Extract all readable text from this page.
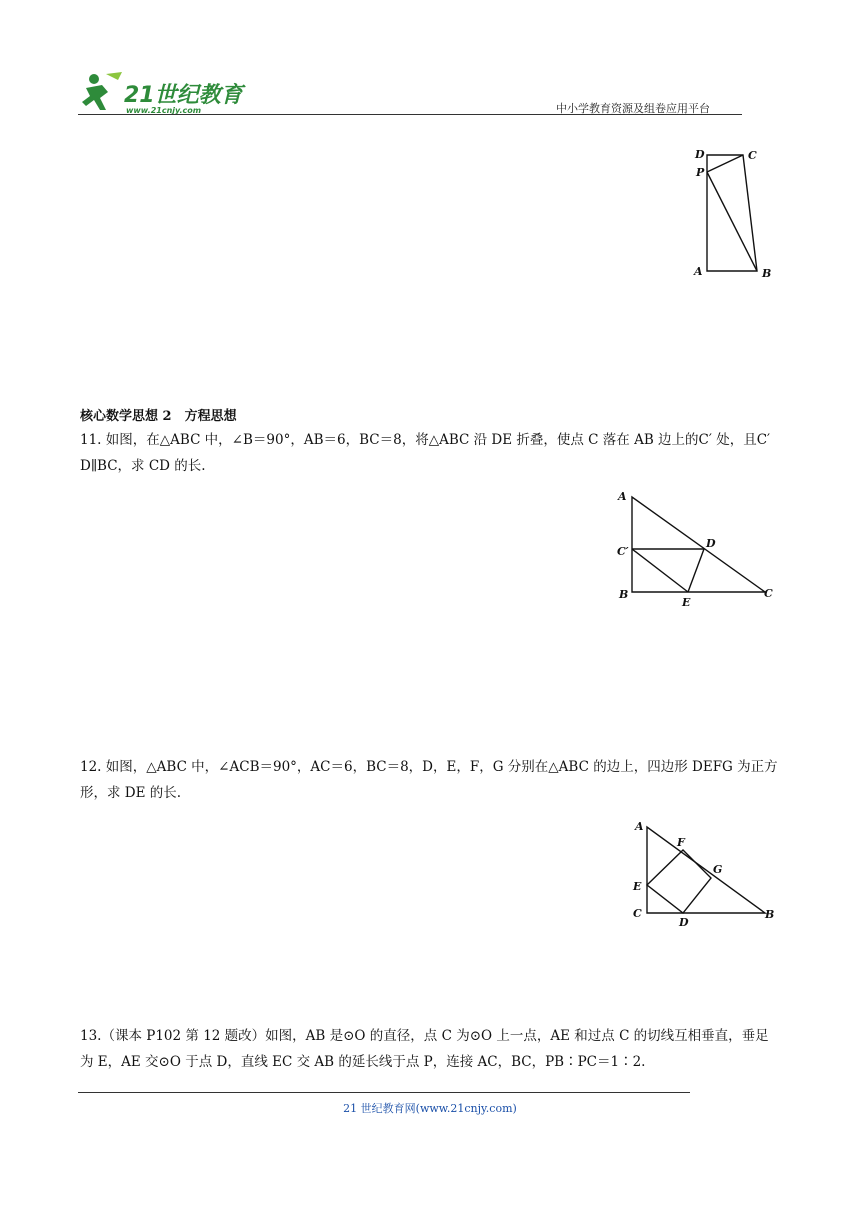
21世纪教育
www.21cnjy.com	中小学教育资源及组卷应用平台
D	C
P
A	B
核心数学思想 2　方程思想
11. 如图，在△ABC 中，∠B＝90°，AB＝6，BC＝8，将△ABC 沿 DE 折叠，使点 C 落在 AB 边上的C′ 处，且C′ D∥BC，求 CD 的长.
A
C′
D
B
E
C
12. 如图，△ABC 中，∠ACB＝90°，AC＝6，BC＝8，D，E，F，G 分别在△ABC 的边上，四边形 DEFG 为正方形，求 DE 的长.
A
F
G
E
C
D
B
13.（课本 P102 第 12 题改）如图，AB 是⊙O 的直径，点 C 为⊙O 上一点，AE 和过点 C 的切线互相垂直，垂足为 E，AE 交⊙O 于点 D，直线 EC 交 AB 的延长线于点 P，连接 AC，BC，PB∶PC＝1∶2.
21 世纪教育网(www.21cnjy.com)
